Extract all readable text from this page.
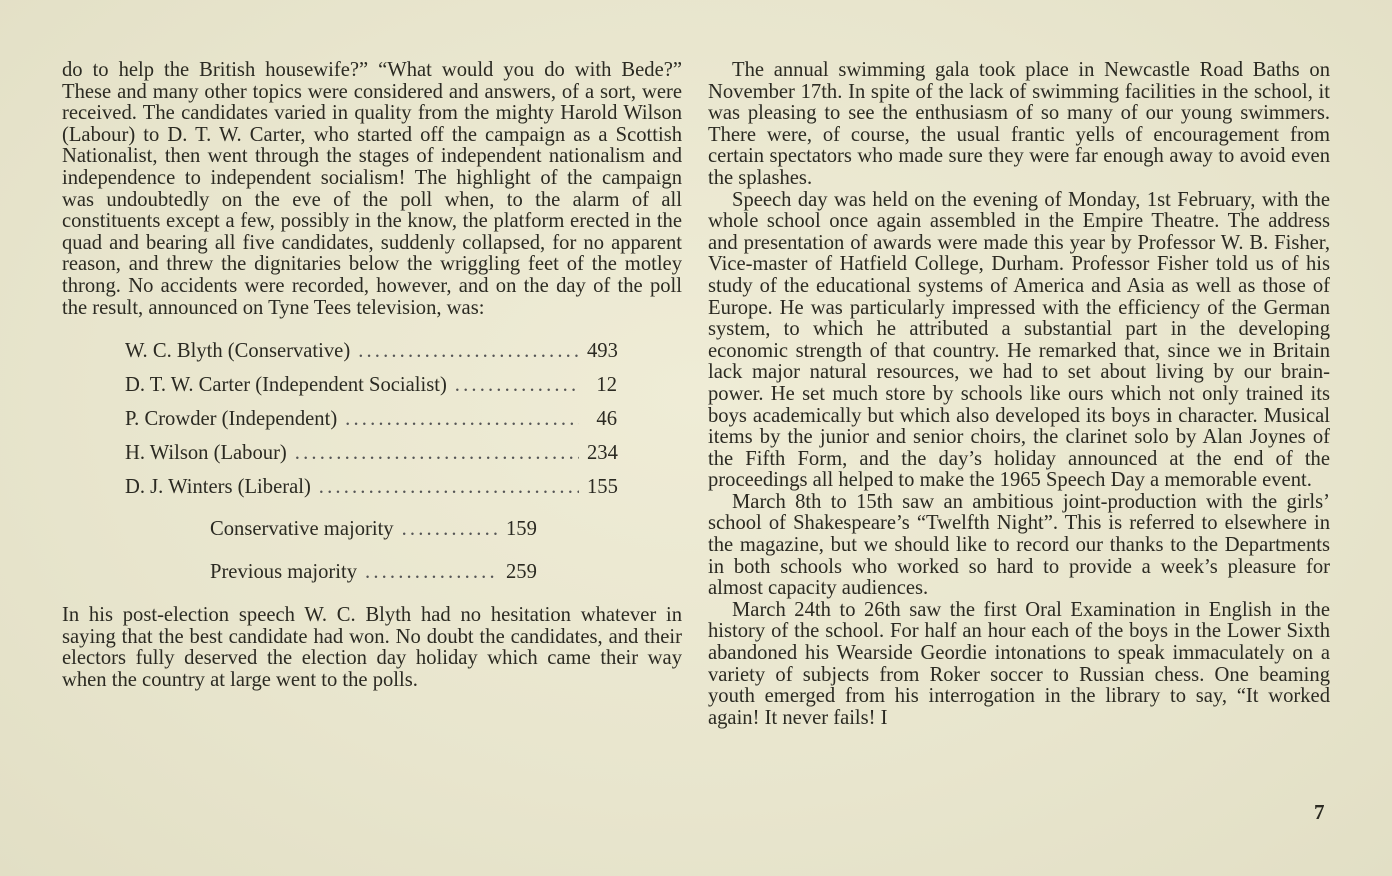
do to help the British housewife?” “What would you do with Bede?” These and many other topics were considered and answers, of a sort, were received. The candidates varied in quality from the mighty Harold Wilson (Labour) to D. T. W. Carter, who started off the campaign as a Scottish Nationalist, then went through the stages of independent nationalism and independence to independent socialism! The highlight of the campaign was undoubtedly on the eve of the poll when, to the alarm of all constituents except a few, possibly in the know, the platform erected in the quad and bearing all five candidates, suddenly collapsed, for no apparent reason, and threw the dignitaries below the wriggling feet of the motley throng. No accidents were recorded, however, and on the day of the poll the result, announced on Tyne Tees television, was:

W. C. Blyth (Conservative) . . .	493
D. T. W. Carter (Independent Socialist) . . .	12
P. Crowder (Independent) . . .	46
H. Wilson (Labour) . . .	234
D. J. Winters (Liberal) . . .	155
Conservative majority . . .	159
Previous majority . . .	259

In his post-election speech W. C. Blyth had no hesitation whatever in saying that the best candidate had won. No doubt the candidates, and their electors fully deserved the election day holiday which came their way when the country at large went to the polls.

The annual swimming gala took place in Newcastle Road Baths on November 17th. In spite of the lack of swimming facilities in the school, it was pleasing to see the enthusiasm of so many of our young swimmers. There were, of course, the usual frantic yells of encouragement from certain spectators who made sure they were far enough away to avoid even the splashes.

Speech day was held on the evening of Monday, 1st February, with the whole school once again assembled in the Empire Theatre. The address and presentation of awards were made this year by Professor W. B. Fisher, Vice-master of Hatfield College, Durham. Professor Fisher told us of his study of the educational systems of America and Asia as well as those of Europe. He was particularly impressed with the efficiency of the German system, to which he attributed a substantial part in the developing economic strength of that country. He remarked that, since we in Britain lack major natural resources, we had to set about living by our brain-power. He set much store by schools like ours which not only trained its boys academically but which also developed its boys in character. Musical items by the junior and senior choirs, the clarinet solo by Alan Joynes of the Fifth Form, and the day’s holiday announced at the end of the proceedings all helped to make the 1965 Speech Day a memorable event.

March 8th to 15th saw an ambitious joint-production with the girls’ school of Shakespeare’s “Twelfth Night”. This is referred to elsewhere in the magazine, but we should like to record our thanks to the Departments in both schools who worked so hard to provide a week’s pleasure for almost capacity audiences.

March 24th to 26th saw the first Oral Examination in English in the history of the school. For half an hour each of the boys in the Lower Sixth abandoned his Wearside Geordie intonations to speak immaculately on a variety of subjects from Roker soccer to Russian chess. One beaming youth emerged from his interrogation in the library to say, “It worked again! It never fails! I

7
